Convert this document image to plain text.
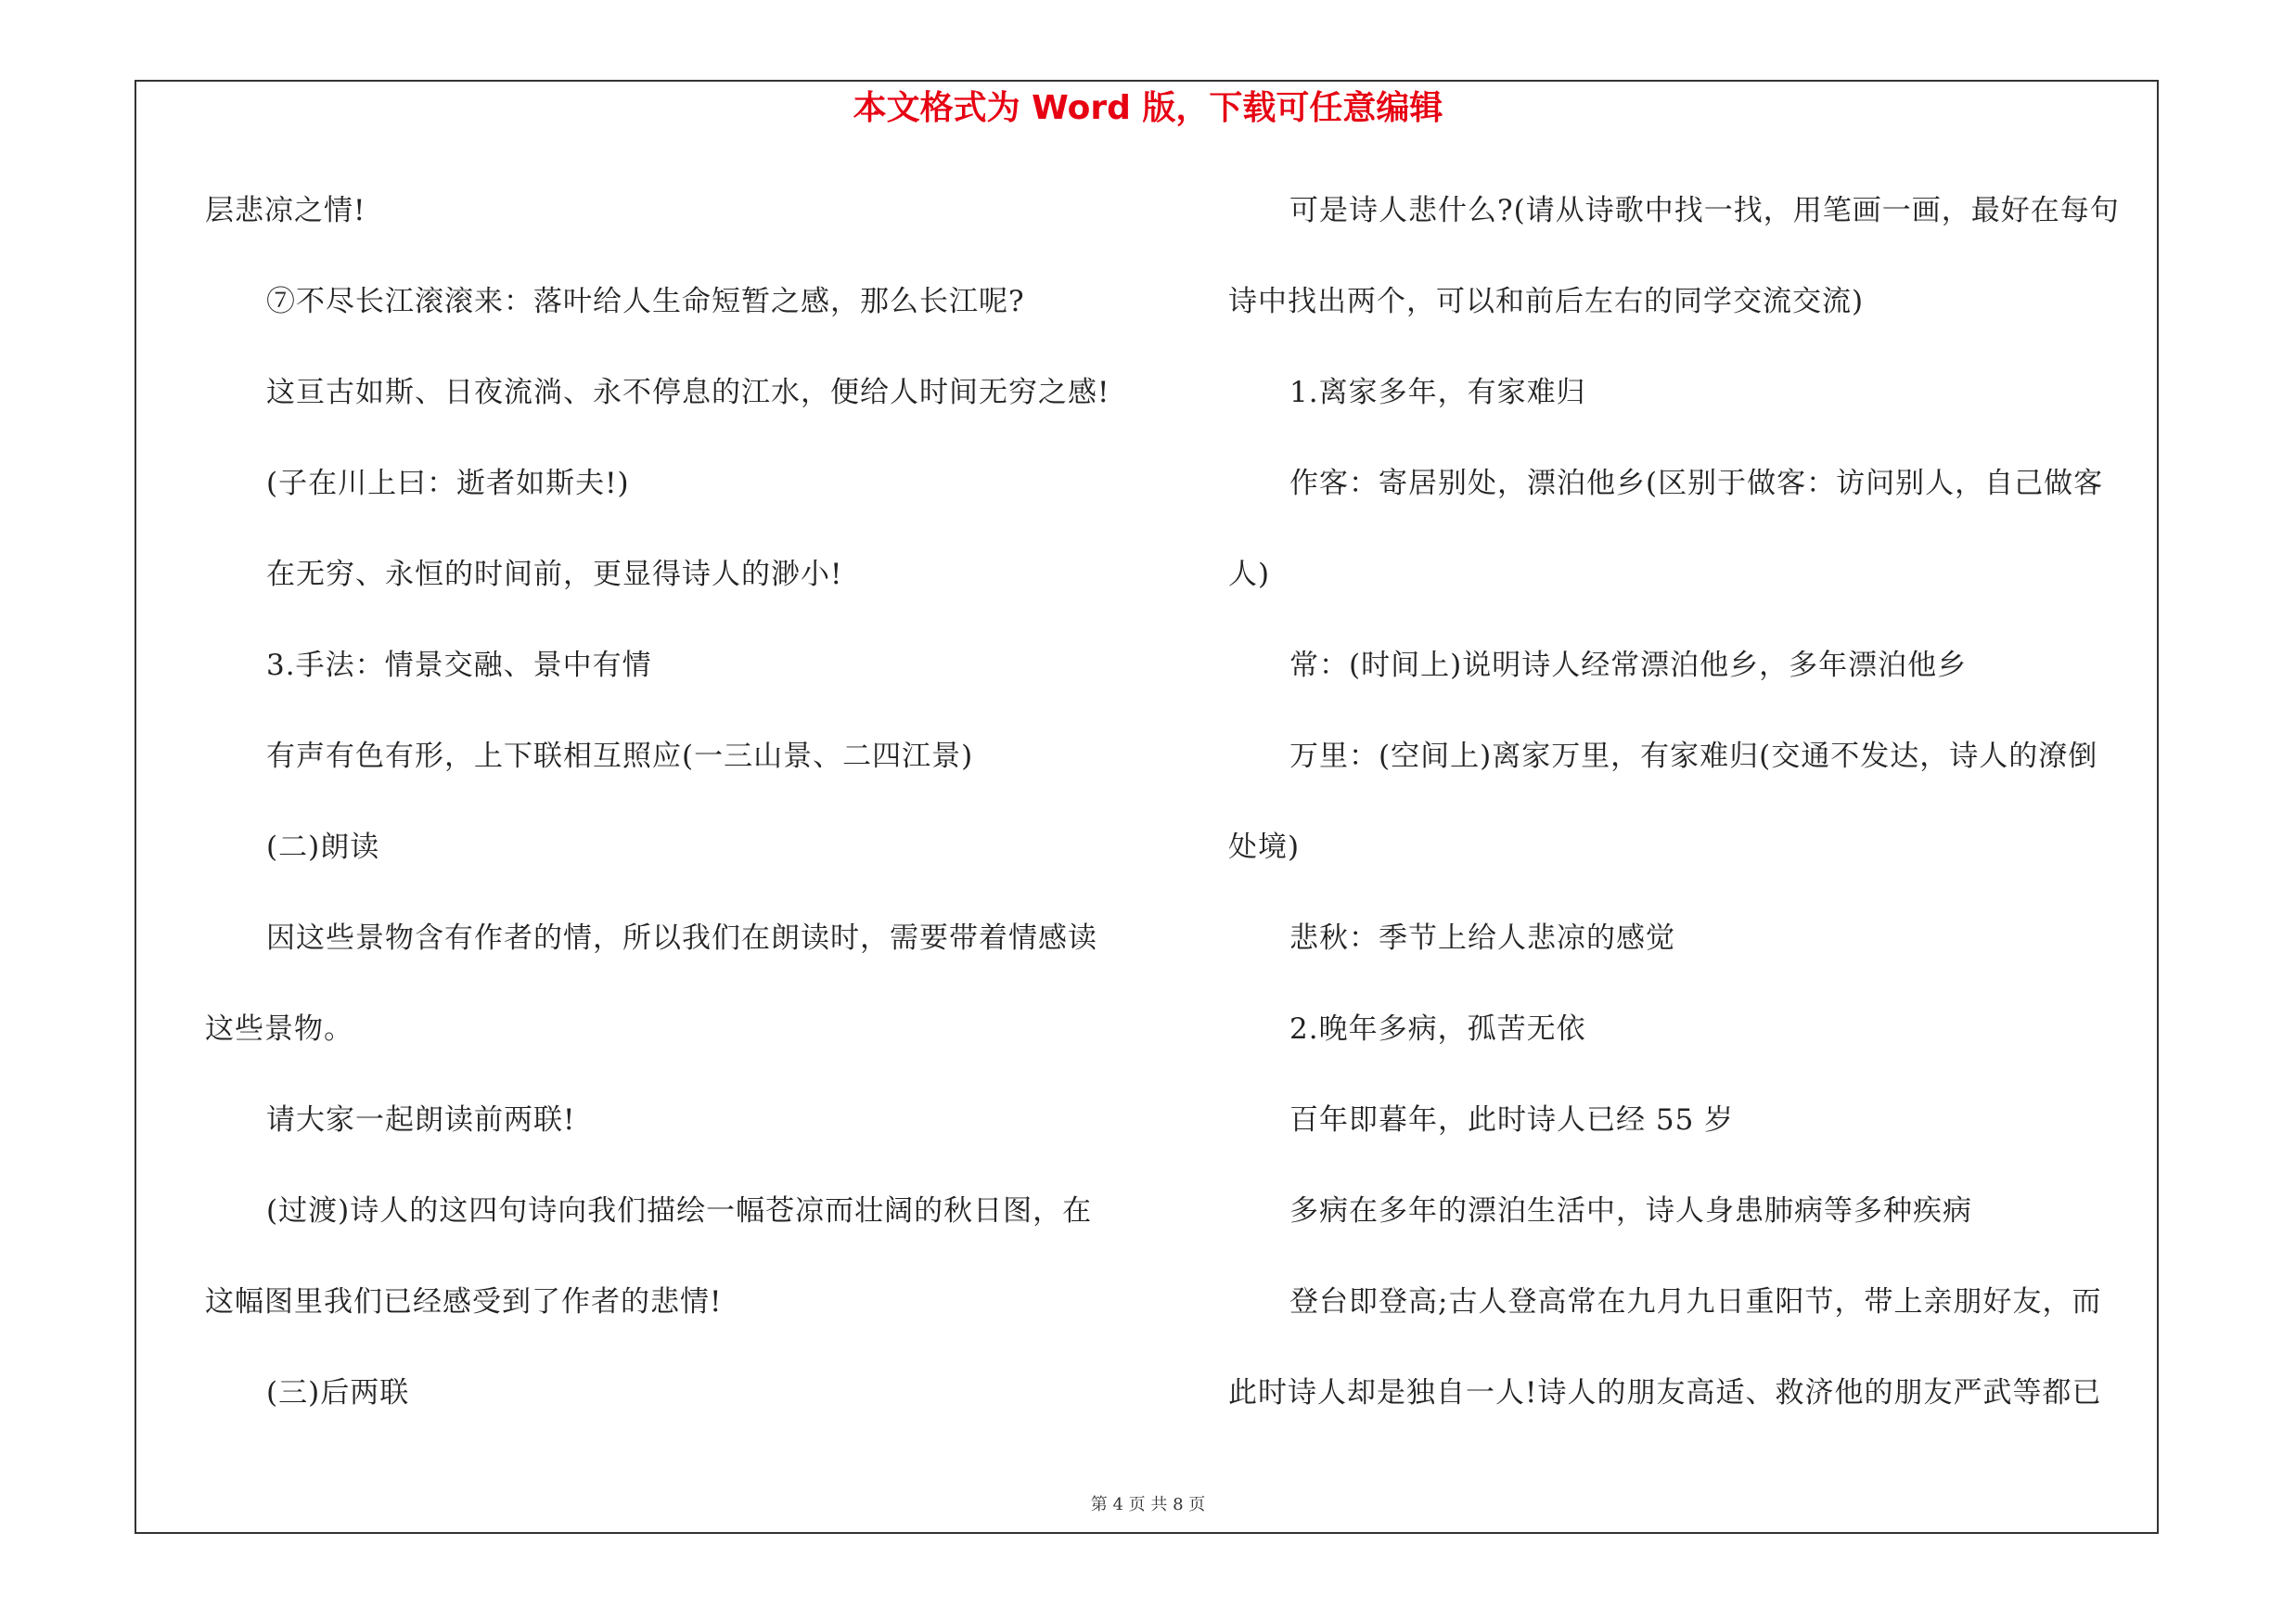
本文格式为 Word 版，下载可任意编辑
层悲凉之情!
⑦不尽长江滚滚来：落叶给人生命短暂之感，那么长江呢?
这亘古如斯、日夜流淌、永不停息的江水，便给人时间无穷之感!
(子在川上曰：逝者如斯夫!)
在无穷、永恒的时间前，更显得诗人的渺小!
3.手法：情景交融、景中有情
有声有色有形，上下联相互照应(一三山景、二四江景)
(二)朗读
因这些景物含有作者的情，所以我们在朗读时，需要带着情感读
这些景物。
请大家一起朗读前两联!
(过渡)诗人的这四句诗向我们描绘一幅苍凉而壮阔的秋日图，在
这幅图里我们已经感受到了作者的悲情!
(三)后两联
可是诗人悲什么?(请从诗歌中找一找，用笔画一画，最好在每句
诗中找出两个，可以和前后左右的同学交流交流)
1.离家多年，有家难归
作客：寄居别处，漂泊他乡(区别于做客：访问别人，自己做客
人)
常：(时间上)说明诗人经常漂泊他乡，多年漂泊他乡
万里：(空间上)离家万里，有家难归(交通不发达，诗人的潦倒
处境)
悲秋：季节上给人悲凉的感觉
2.晚年多病，孤苦无依
百年即暮年，此时诗人已经 55 岁
多病在多年的漂泊生活中，诗人身患肺病等多种疾病
登台即登高;古人登高常在九月九日重阳节，带上亲朋好友，而
此时诗人却是独自一人!诗人的朋友高适、救济他的朋友严武等都已
第 4 页 共 8 页
